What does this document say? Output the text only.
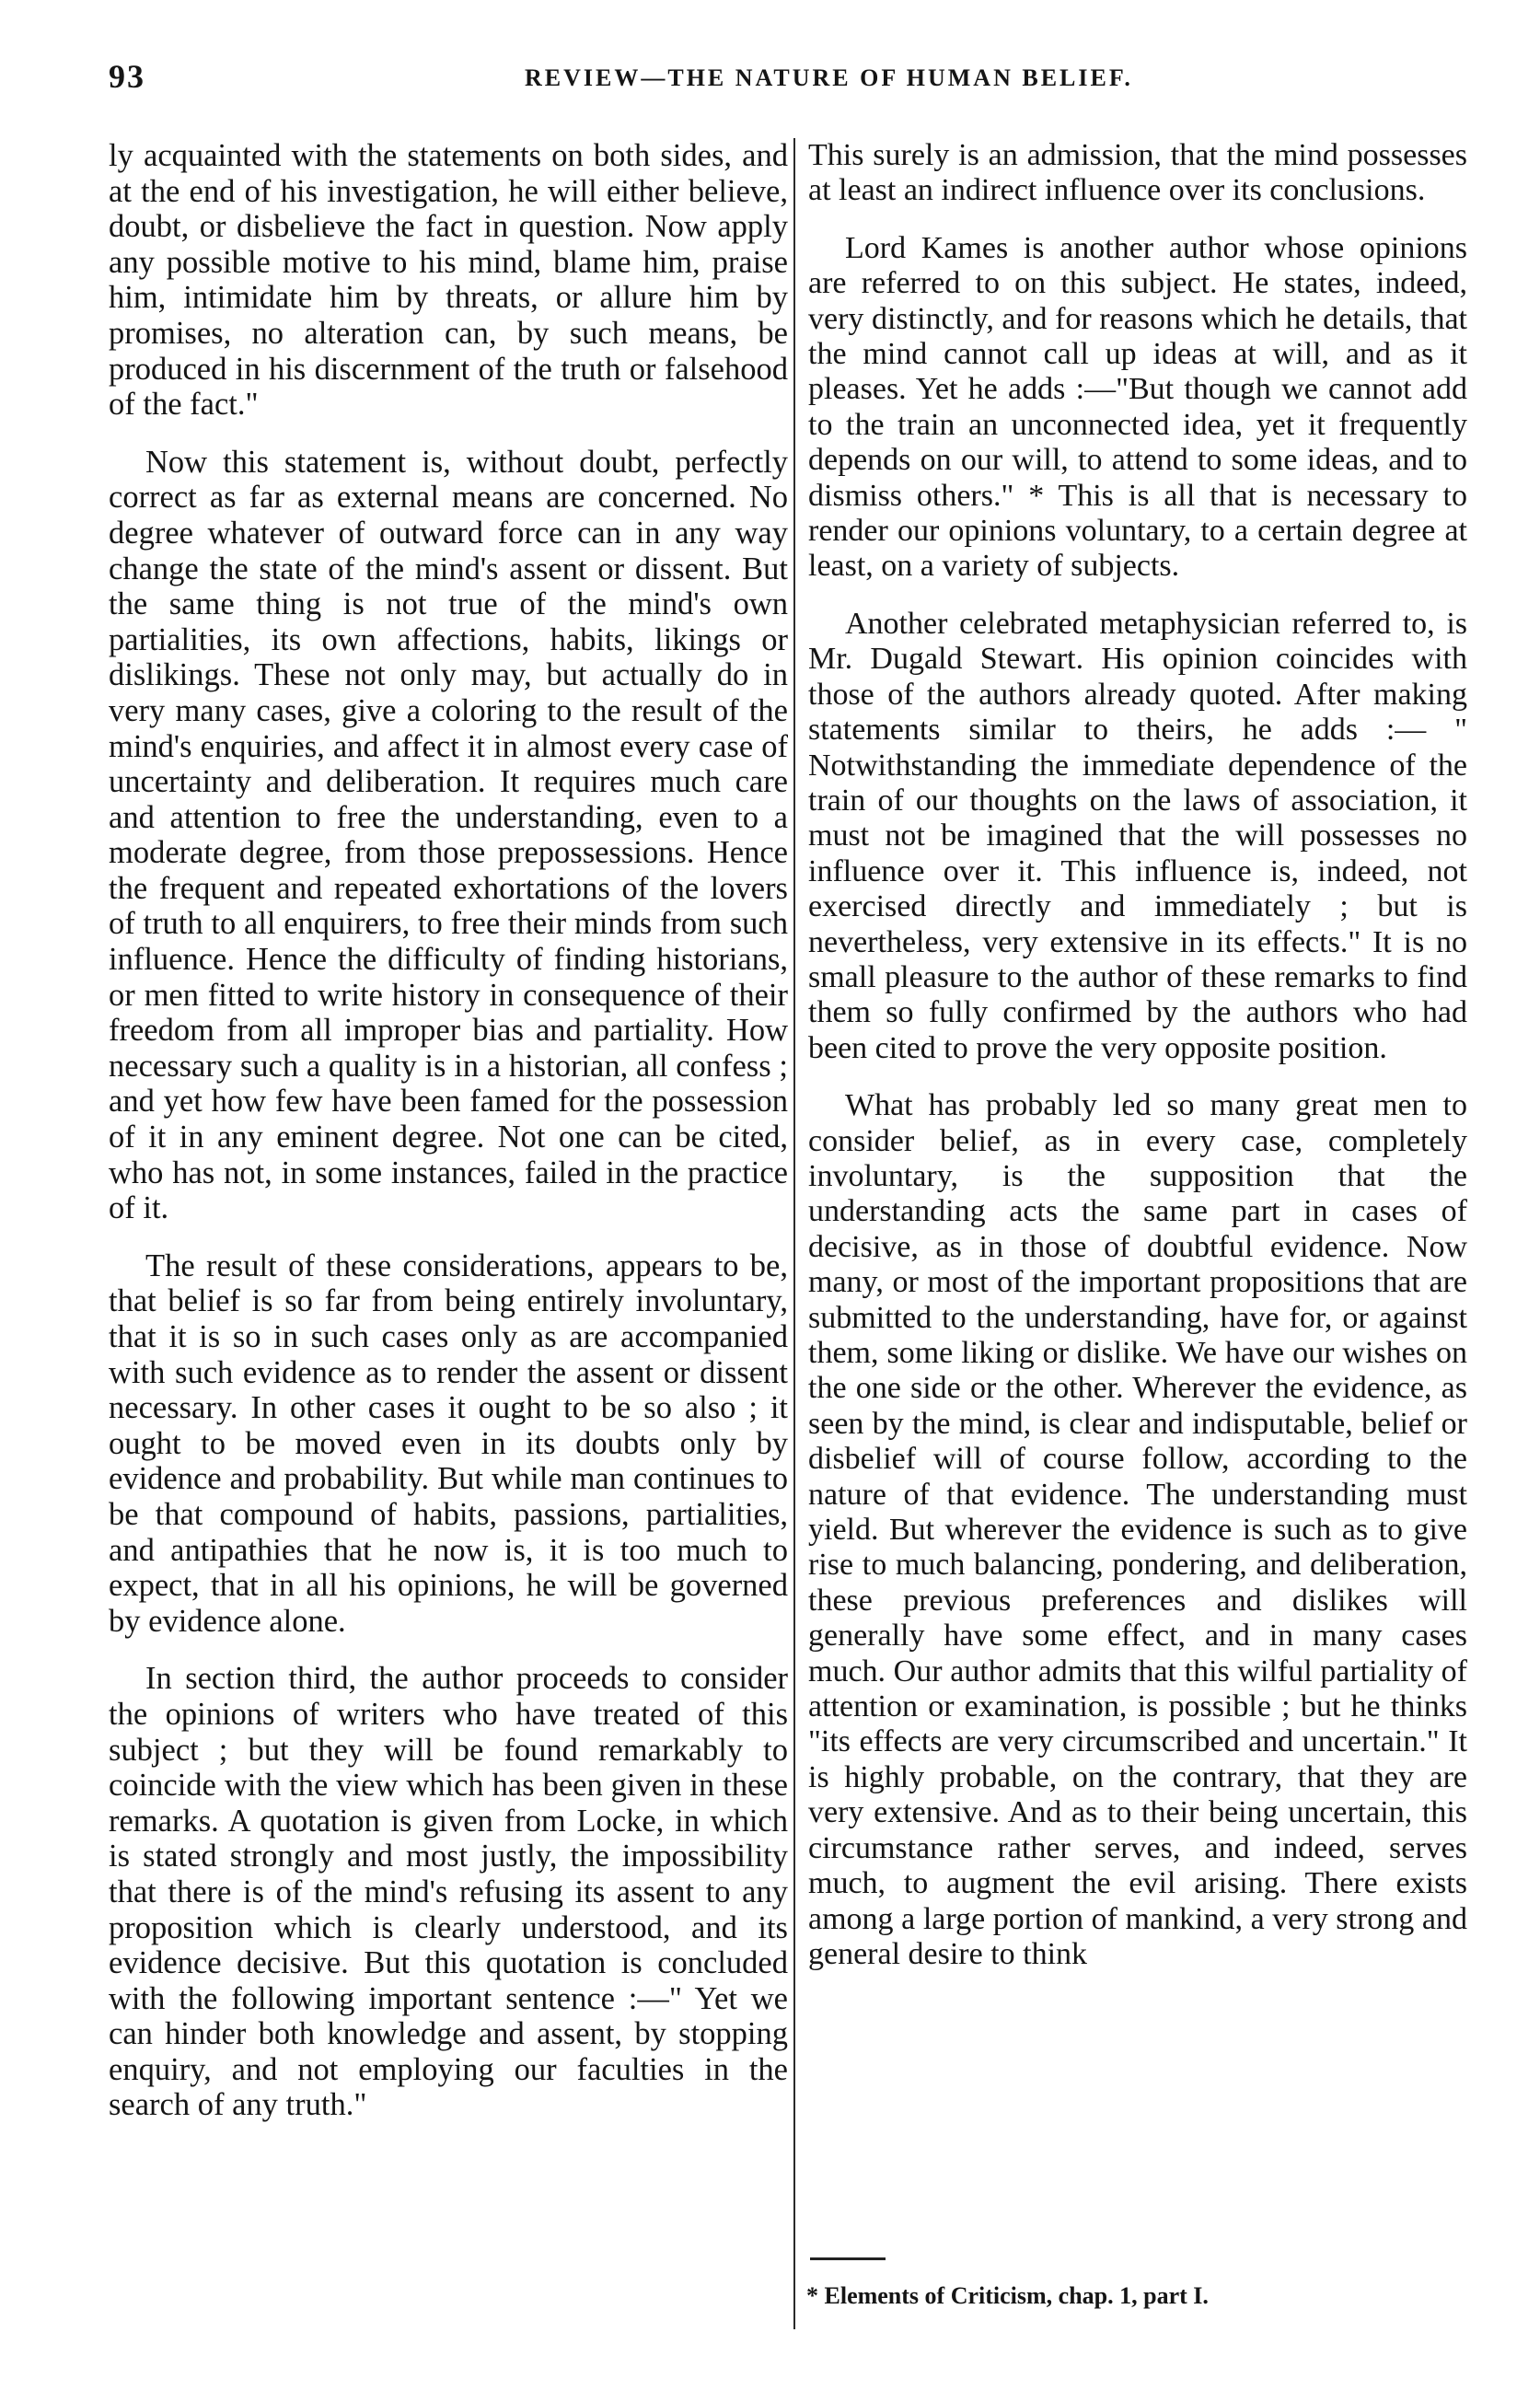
93	REVIEW—THE NATURE OF HUMAN BELIEF.

ly acquainted with the statements on both sides, and at the end of his investigation, he will either believe, doubt, or disbelieve the fact in question. Now apply any possible motive to his mind, blame him, praise him, intimidate him by threats, or allure him by promises, no alteration can, by such means, be produced in his discernment of the truth or falsehood of the fact."

Now this statement is, without doubt, perfectly correct as far as external means are concerned. No degree whatever of outward force can in any way change the state of the mind's assent or dissent. But the same thing is not true of the mind's own partialities, its own affections, habits, likings or dislikings. These not only may, but actually do in very many cases, give a coloring to the result of the mind's enquiries, and affect it in almost every case of uncertainty and deliberation. It requires much care and attention to free the understanding, even to a moderate degree, from those prepossessions. Hence the frequent and repeated exhortations of the lovers of truth to all enquirers, to free their minds from such influence. Hence the difficulty of finding historians, or men fitted to write history in consequence of their freedom from all improper bias and partiality. How necessary such a quality is in a historian, all confess ; and yet how few have been famed for the possession of it in any eminent degree. Not one can be cited, who has not, in some instances, failed in the practice of it.

The result of these considerations, appears to be, that belief is so far from being entirely involuntary, that it is so in such cases only as are accompanied with such evidence as to render the assent or dissent necessary. In other cases it ought to be so also ; it ought to be moved even in its doubts only by evidence and probability. But while man continues to be that compound of habits, passions, partialities, and antipathies that he now is, it is too much to expect, that in all his opinions, he will be governed by evidence alone.

In section third, the author proceeds to consider the opinions of writers who have treated of this subject ; but they will be found remarkably to coincide with the view which has been given in these remarks. A quotation is given from Locke, in which is stated strongly and most justly, the impossibility that there is of the mind's refusing its assent to any proposition which is clearly understood, and its evidence decisive. But this quotation is concluded with the following important sentence :—" Yet we can hinder both knowledge and assent, by stopping enquiry, and not employing our faculties in the search of any truth."

This surely is an admission, that the mind possesses at least an indirect influence over its conclusions.

Lord Kames is another author whose opinions are referred to on this subject. He states, indeed, very distinctly, and for reasons which he details, that the mind cannot call up ideas at will, and as it pleases. Yet he adds :—"But though we cannot add to the train an unconnected idea, yet it frequently depends on our will, to attend to some ideas, and to dismiss others." * This is all that is necessary to render our opinions voluntary, to a certain degree at least, on a variety of subjects.

Another celebrated metaphysician referred to, is Mr. Dugald Stewart. His opinion coincides with those of the authors already quoted. After making statements similar to theirs, he adds :— " Notwithstanding the immediate dependence of the train of our thoughts on the laws of association, it must not be imagined that the will possesses no influence over it. This influence is, indeed, not exercised directly and immediately ; but is nevertheless, very extensive in its effects." It is no small pleasure to the author of these remarks to find them so fully confirmed by the authors who had been cited to prove the very opposite position.

What has probably led so many great men to consider belief, as in every case, completely involuntary, is the supposition that the understanding acts the same part in cases of decisive, as in those of doubtful evidence. Now many, or most of the important propositions that are submitted to the understanding, have for, or against them, some liking or dislike. We have our wishes on the one side or the other. Wherever the evidence, as seen by the mind, is clear and indisputable, belief or disbelief will of course follow, according to the nature of that evidence. The understanding must yield. But wherever the evidence is such as to give rise to much balancing, pondering, and deliberation, these previous preferences and dislikes will generally have some effect, and in many cases much. Our author admits that this wilful partiality of attention or examination, is possible ; but he thinks "its effects are very circumscribed and uncertain." It is highly probable, on the contrary, that they are very extensive. And as to their being uncertain, this circumstance rather serves, and indeed, serves much, to augment the evil arising. There exists among a large portion of mankind, a very strong and general desire to think

* Elements of Criticism, chap. 1, part I.
